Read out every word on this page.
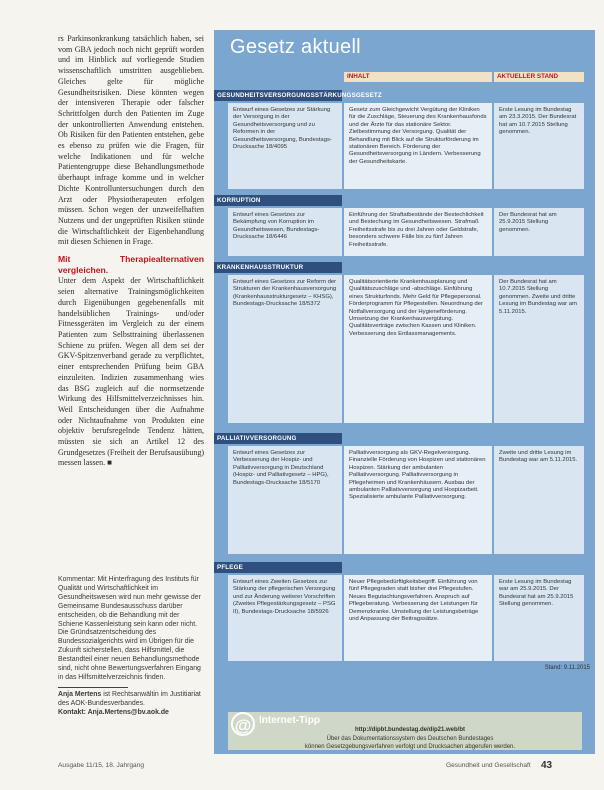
rs Parkinsonkrankung tatsächlich haben, sei vom GBA jedoch noch nicht geprüft worden und im Hinblick auf vorliegende Studien wissenschaftlich umstritten ausgeblieben. Gleiches gelte für mögliche Gesundheitsrisiken. Diese könnten wegen der intensiveren Therapie oder falscher Schrittfolgen durch den Patienten im Zuge der unkontrollierten Anwendung entstehen. Ob Risiken für den Patienten entstehen, gebe es ebenso zu prüfen wie die Fragen, für welche Indikationen und für welche Patientengruppe diese Behandlungsmethode überhaupt infrage komme und in welcher Dichte Kontrolluntersuchungen durch den Arzt oder Physiotherapeuten erfolgen müssen. Schon wegen der unzweifelhaften Nutzens und der ungeprüften Risiken stünde die Wirtschaftlichkeit der Eigenbehandlung mit diesen Schienen in Frage.

Mit Therapiealternativen vergleichen.

Unter dem Aspekt der Wirtschaftlichkeit seien alternative Trainingsmöglichkeiten durch Eigenübungen gegebenenfalls mit handelsüblichen Trainings- und/oder Fitnessgeräten im Vergleich zu der einem Patienten zum Selbsttraining überlassenen Schiene zu prüfen. Wegen all dem sei der GKV-Spitzenverband gerade zu verpflichtet, einer entsprechenden Prüfung beim GBA einzuleiten. Indizien zusammenhang wies das BSG zugleich auf die normsetzende Wirkung des Hilfsmittelverzeichnisses hin. Weil Entscheidungen über die Aufnahme oder Nichtaufnahme von Produkten eine objektiv berufsregelnde Tendenz hätten, müssten sie sich an Artikel 12 des Grundgesetzes (Freiheit der Berufsausübung) messen lassen. ■

Kommentar: Mit Hinterfragung des Instituts für Qualität und Wirtschaftlichkeit im Gesundheitswesen wird nun mehr gewisse der Gemeinsame Bundesausschuss darüber entscheiden, ob die Behandlung mit der Schiene Kassenleistung sein kann oder nicht. Die Gründsatzentscheidung des Bundessozialgerichts wird im Übrigen für die Zukunft sicherstellen, dass Hilfsmittel, die Bestandteil einer neuen Behandlungsmethode sind, nicht ohne Bewertungsverfahren Eingang in das Hilfsmittelverzeichnis finden.
Anja Mertens ist Rechtsanwältin im Justitiariat des AOK-Bundesverbandes.
Kontakt: Anja.Mertens@bv.aok.de
Ausgabe 11/15, 18. Jahrgang
Gesetz aktuell
INHALT	AKTUELLER STAND
GESUNDHEITSVERSORGUNGSSTÄRKUNGSGESETZ
Entwurf eines Gesetzes zur Stärkung der Versorgung in der Gesundheitsversorgung und zu Reformen in der Gesundheitsversorgung, Bundestags-Drucksache 18/4095
Gesetz zum Gleichgewicht Vergütung der Kliniken für die Zuschläge, Steuerung des Krankenhausfonds und der Ärzte für das stationäre Sektor. Zielbestimmung der Versorgung. Qualität der Behandlung mit Blick auf die Strukturförderung im stationären Bereich. Förderung der Gesundheitsversorgung in Ländern. Verbesserung der Gesundheitskarte.
Erste Lesung im Bundestag am 23.3.2015. Der Bundesrat hat am 10.7.2015 Stellung genommen.
KORRUPTION
Entwurf eines Gesetzes zur Bekämpfung von Korruption im Gesundheitswesen, Bundestags-Drucksache 18/6446
Einführung der Straftatbestände der Bestechlichkeit und Bestechung im Gesundheitswesen. Strafmaß Freiheitsstrafe bis zu drei Jahren oder Geldstrafe, besonders schwere Fälle bis zu fünf Jahren Freiheitsstrafe.
Der Bundesrat hat am 25.9.2015 Stellung genommen.
KRANKENHAUSSTRUKTUR
Entwurf eines Gesetzes zur Reform der Strukturen der Krankenhausversorgung (Krankenhausstrukturgesetz – KHSG), Bundestags-Drucksache 18/5372
Qualitätsorientierte Krankenhausplanung und Qualitätszuschläge und -abschläge. Einführung eines Strukturfonds. Mehr Geld für Pflegepersonal. Förderprogramm für Pflegestellen. Neuordnung der Notfallversorgung und der Hygieneförderung. Umsetzung der Krankenhausvergütung. Qualitätsverträge zwischen Kassen und Kliniken. Verbesserung des Entlassmanagements.
Der Bundesrat hat am 10.7.2015 Stellung genommen. Zweite und dritte Lesung im Bundestag war am 5.11.2015.
PALLIATIVVERSORGUNG
Entwurf eines Gesetzes zur Verbesserung der Hospiz- und Palliativversorgung in Deutschland (Hospiz- und Palliativgesetz – HPG), Bundestags-Drucksache 18/5170
Palliativversorgung als GKV-Regelversorgung. Finanzielle Förderung von Hospizen und stationären Hospizen. Stärkung der ambulanten Palliativversorgung. Palliativversorgung in Pflegeheimen und Krankenhäusern. Ausbau der ambulanten Palliativversorgung und Hospizarbeit. Spezialisierte ambulante Palliativversorgung.
Zweite und dritte Lesung im Bundestag war am 5.11.2015.
PFLEGE
Entwurf eines Zweiten Gesetzes zur Stärkung der pflegerischen Versorgung und zur Änderung weiterer Vorschriften (Zweites Pflegestärkungsgesetz – PSG II), Bundestags-Drucksache 18/5926
Neuer Pflegebedürftigkeitsbegriff. Einführung von fünf Pflegegraden statt bisher drei Pflegestufen. Neues Begutachtungsverfahren. Anspruch auf Pflegeberatung. Verbesserung der Leistungen für Demenzkranke. Umstellung der Leistungsbeträge und Anpassung der Beitragssätze.
Erste Lesung im Bundestag war am 25.9.2015. Der Bundesrat hat am 25.9.2015 Stellung genommen.
Stand: 9.11.2015
@ Internet-Tipp
http://dipbt.bundestag.de/dip21.web/bt
Über das Dokumentationssystem des Deutschen Bundestages
können Gesetzgebungsverfahren verfolgt und Drucksachen abgerufen werden.
Gesundheit und Gesellschaft 43
